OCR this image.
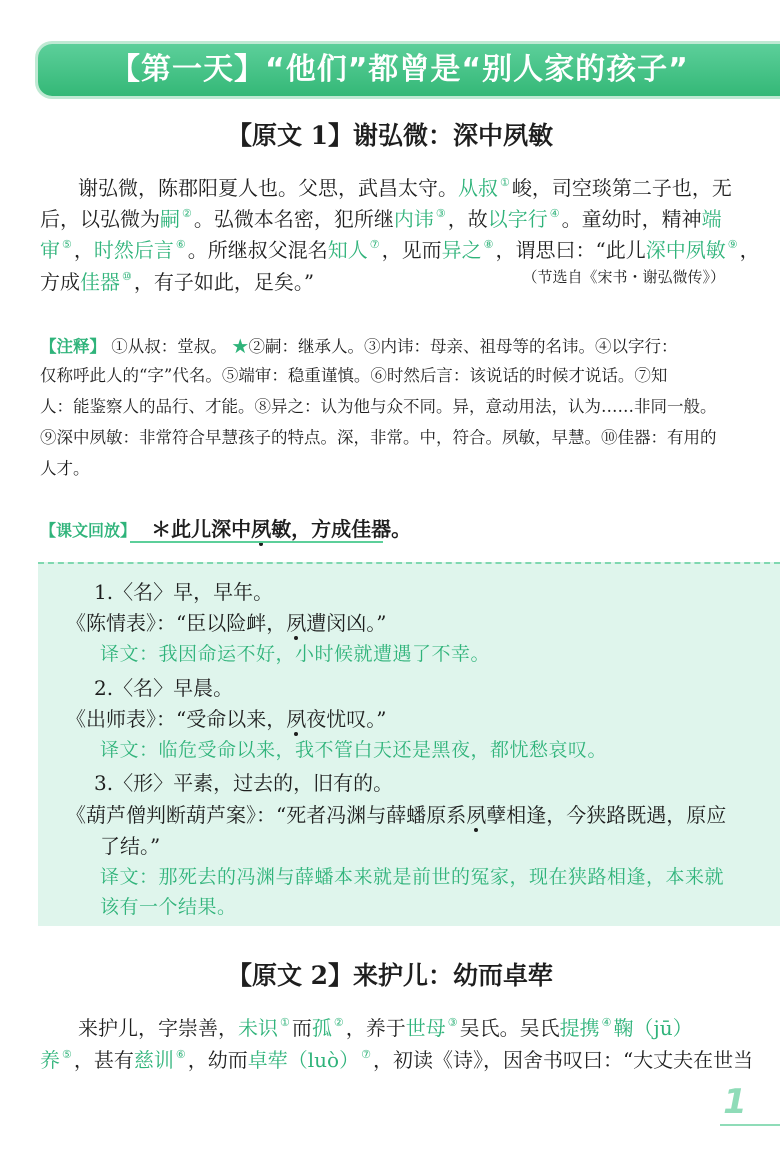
【第一天】“他们”都曾是“别人家的孩子”
【原文 1】谢弘微：深中夙敏
谢弘微，陈郡阳夏人也。父思，武昌太守。从叔 ① 峻，司空琰第二子也，无
后，以弘微为嗣 ② 。弘微本名密，犯所继内讳 ③ ，故以字行 ④ 。童幼时，精神端
审 ⑤ ，时然后言 ⑥ 。所继叔父混名知人 ⑦ ，见而异之 ⑧ ，谓思曰：“此儿深中夙敏 ⑨ ，
方成佳器 ⑩ ，有子如此，足矣。”	（节选自《宋书・谢弘微传》）
【注释】 ①从叔：堂叔。 ★②嗣：继承人。③内讳：母亲、祖母等的名讳。④以字行：
仅称呼此人的“字”代名。⑤端审：稳重谨慎。⑥时然后言：该说话的时候才说话。⑦知
人：能鉴察人的品行、才能。⑧异之：认为他与众不同。异，意动用法，认为……非同一般。
⑨深中夙敏：非常符合早慧孩子的特点。深，非常。中，符合。夙敏，早慧。⑩佳器：有用的
人才。
【课文回放】 ＊此儿深中夙敏，方成佳器。
1.〈名〉早，早年。
《陈情表》：“臣以险衅，夙遭闵凶。”
译文：我因命运不好，小时候就遭遇了不幸。
2.〈名〉早晨。
《出师表》：“受命以来，夙夜忧叹。”
译文：临危受命以来，我不管白天还是黑夜，都忧愁哀叹。
3.〈形〉平素，过去的，旧有的。
《葫芦僧判断葫芦案》：“死者冯渊与薛蟠原系夙孽相逢，今狭路既遇，原应
了结。”
译文：那死去的冯渊与薛蟠本来就是前世的冤家，现在狭路相逢，本来就
该有一个结果。
【原文 2】来护儿：幼而卓荦
来护儿，字崇善，未识 ① 而孤 ② ，养于世母 ③ 吴氏。吴氏提携 ④ 鞠（jū）
养 ⑤ ，甚有慈训 ⑥ ，幼而卓荦（luò） ⑦ ，初读《诗》，因舍书叹曰：“大丈夫在世当
1
